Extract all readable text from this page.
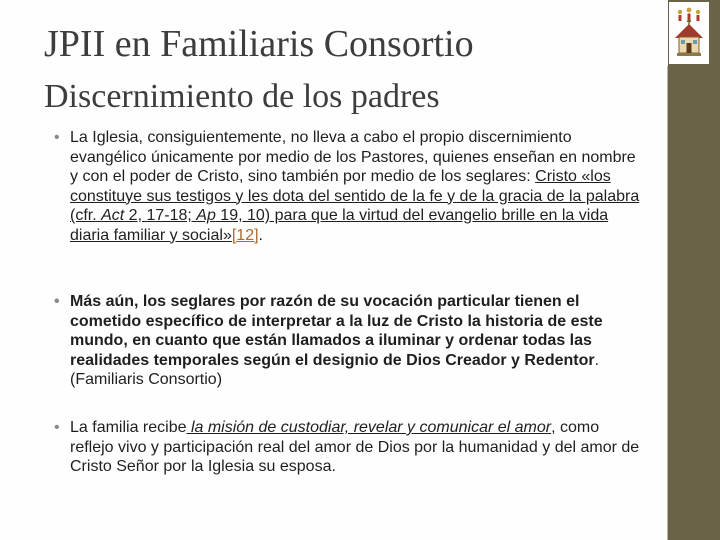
JPII en Familiaris Consortio
Discernimiento de los padres
• La Iglesia, consiguientemente, no lleva a cabo el propio discernimiento evangélico únicamente por medio de los Pastores, quienes enseñan en nombre y con el poder de Cristo, sino también por medio de los seglares: Cristo «los constituye sus testigos y les dota del sentido de la fe y de la gracia de la palabra (cfr. Act 2, 17-18; Ap 19, 10) para que la virtud del evangelio brille en la vida diaria familiar y social»[12].
• Más aún, los seglares por razón de su vocación particular tienen el cometido específico de interpretar a la luz de Cristo la historia de este mundo, en cuanto que están llamados a iluminar y ordenar todas las realidades temporales según el designio de Dios Creador y Redentor. (Familiaris Consortio)
• La familia recibe la misión de custodiar, revelar y comunicar el amor, como reflejo vivo y participación real del amor de Dios por la humanidad y del amor de Cristo Señor por la Iglesia su esposa.
